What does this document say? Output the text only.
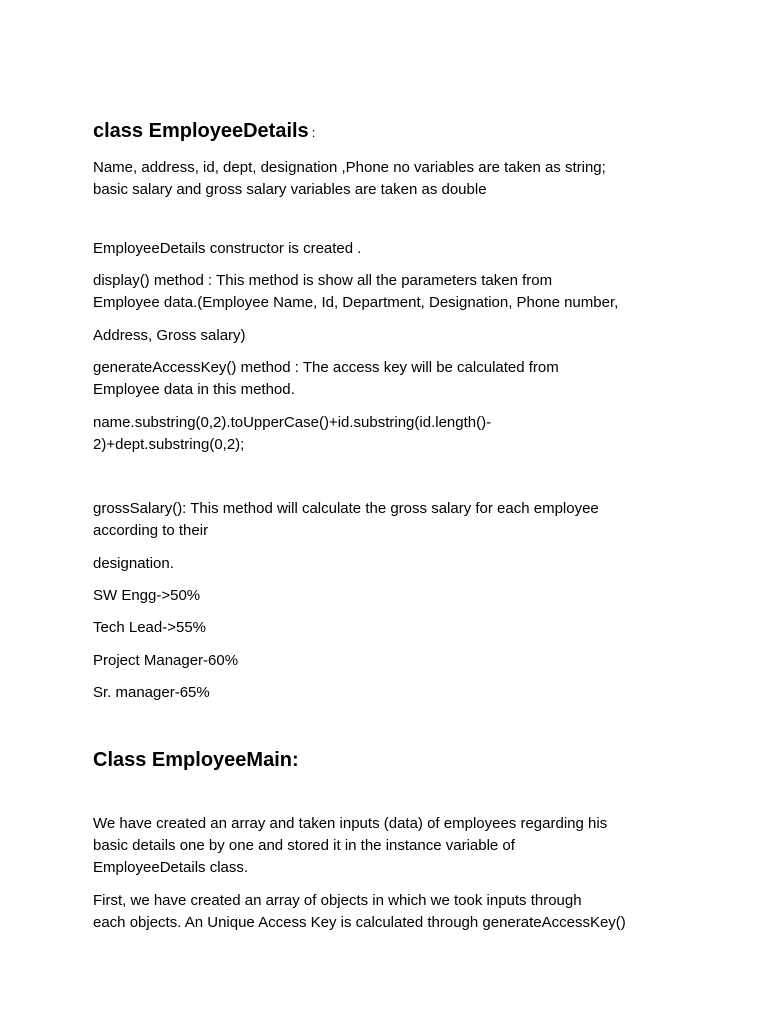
class EmployeeDetails :

Name, address, id, dept, designation ,Phone no variables are taken as string;

basic salary and gross salary variables are taken as double

EmployeeDetails constructor is created .

display() method : This method is show all the parameters taken from

Employee data.(Employee Name, Id, Department, Designation, Phone number,

Address, Gross salary)

generateAccessKey() method : The access key will be calculated from

Employee data in this method.

name.substring(0,2).toUpperCase()+id.substring(id.length()-

2)+dept.substring(0,2);

grossSalary(): This method will calculate the gross salary for each employee

according to their

designation.

SW Engg->50%

Tech Lead->55%

Project Manager-60%

Sr. manager-65%

Class EmployeeMain:

We have created an array and taken inputs (data) of employees regarding his

basic details one by one and stored it in the instance variable of

EmployeeDetails class.

First, we have created an array of objects in which we took inputs through

each objects. An Unique Access Key is calculated through generateAccessKey()
